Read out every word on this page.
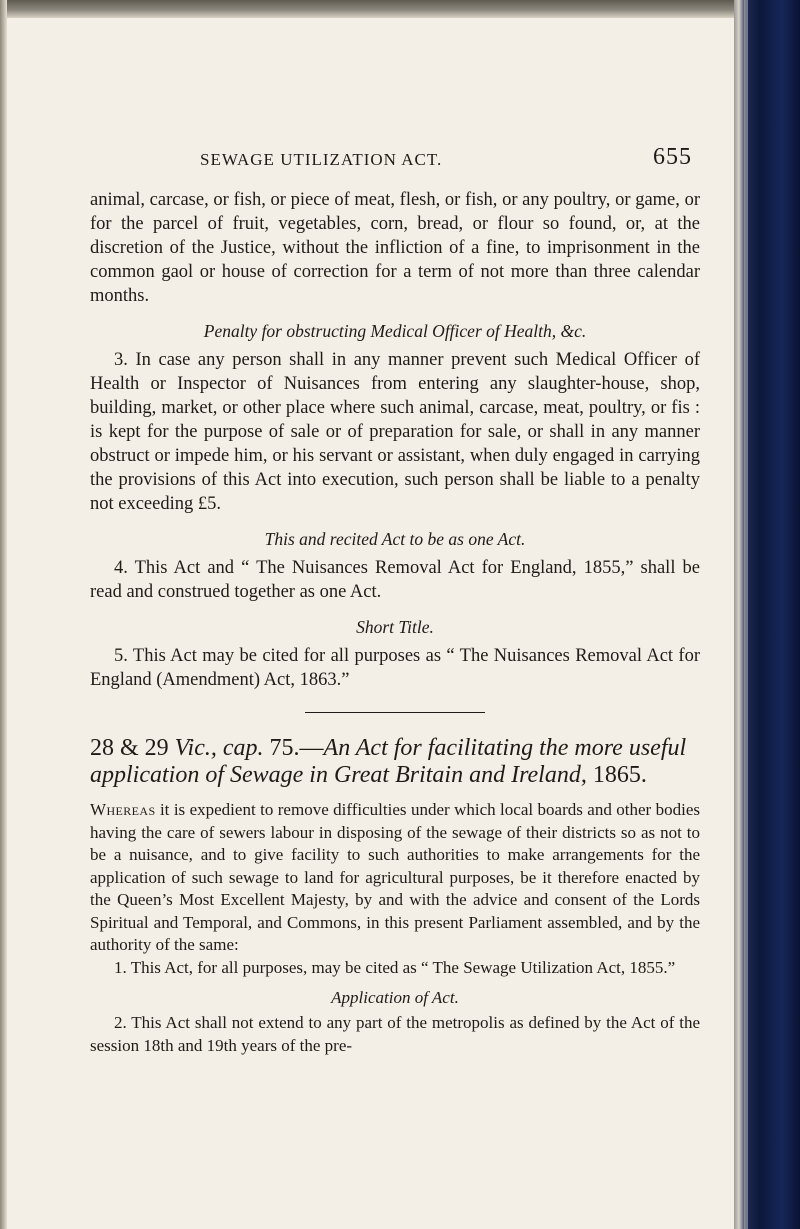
SEWAGE UTILIZATION ACT.	655

animal, carcase, or fish, or piece of meat, flesh, or fish, or any poultry, or game, or for the parcel of fruit, vegetables, corn, bread, or flour so found, or, at the discretion of the Justice, without the infliction of a fine, to imprisonment in the common gaol or house of correction for a term of not more than three calendar months.

Penalty for obstructing Medical Officer of Health, &c.

3. In case any person shall in any manner prevent such Medical Officer of Health or Inspector of Nuisances from entering any slaughter-house, shop, building, market, or other place where such animal, carcase, meat, poultry, or fis : is kept for the purpose of sale or of preparation for sale, or shall in any manner obstruct or impede him, or his servant or assistant, when duly engaged in carrying the provisions of this Act into execution, such person shall be liable to a penalty not exceeding £5.

This and recited Act to be as one Act.

4. This Act and “ The Nuisances Removal Act for England, 1855,” shall be read and construed together as one Act.

Short Title.

5. This Act may be cited for all purposes as “ The Nuisances Removal Act for England (Amendment) Act, 1863.”

28 & 29 Vic., cap. 75.—An Act for facilitating the more useful application of Sewage in Great Britain and Ireland, 1865.

Whereas it is expedient to remove difficulties under which local boards and other bodies having the care of sewers labour in disposing of the sewage of their districts so as not to be a nuisance, and to give facility to such authorities to make arrangements for the application of such sewage to land for agricultural purposes, be it therefore enacted by the Queen’s Most Excellent Majesty, by and with the advice and consent of the Lords Spiritual and Temporal, and Commons, in this present Parliament assembled, and by the authority of the same:

1. This Act, for all purposes, may be cited as “ The Sewage Utilization Act, 1855.”

Application of Act.

2. This Act shall not extend to any part of the metropolis as defined by the Act of the session 18th and 19th years of the pre-
